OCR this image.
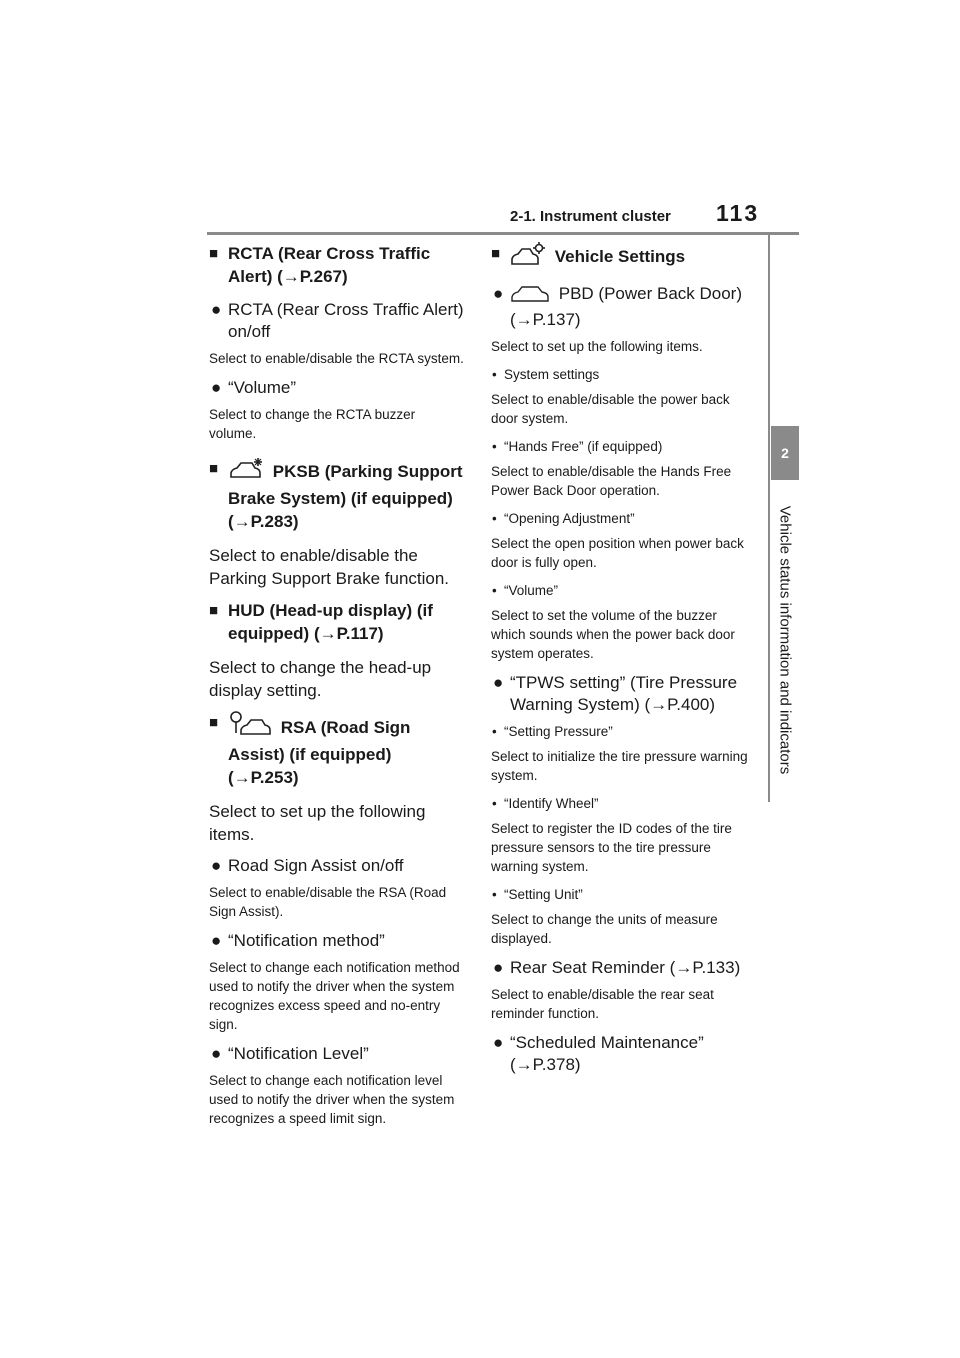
2-1. Instrument cluster 113
2
Vehicle status information and indicators
■ RCTA (Rear Cross Traffic Alert) (→P.267)
● RCTA (Rear Cross Traffic Alert) on/off
Select to enable/disable the RCTA system.
● “Volume”
Select to change the RCTA buzzer volume.
■	PKSB (Parking Support Brake System) (if equipped) (→P.283)
Select to enable/disable the Parking Support Brake function.
■ HUD (Head-up display) (if equipped) (→P.117)
Select to change the head-up display setting.
■	RSA (Road Sign Assist) (if equipped) (→P.253)
Select to set up the following items.
● Road Sign Assist on/off
Select to enable/disable the RSA (Road Sign Assist).
● “Notification method”
Select to change each notification method used to notify the driver when the system recognizes excess speed and no-entry sign.
● “Notification Level”
Select to change each notification level used to notify the driver when the system recognizes a speed limit sign.
■	Vehicle Settings
●	PBD (Power Back Door) (→P.137)
Select to set up the following items.
• System settings
Select to enable/disable the power back door system.
• “Hands Free” (if equipped)
Select to enable/disable the Hands Free Power Back Door operation.
• “Opening Adjustment”
Select the open position when power back door is fully open.
• “Volume”
Select to set the volume of the buzzer which sounds when the power back door system operates.
● “TPWS setting” (Tire Pressure Warning System) (→P.400)
• “Setting Pressure”
Select to initialize the tire pressure warning system.
• “Identify Wheel”
Select to register the ID codes of the tire pressure sensors to the tire pressure warning system.
• “Setting Unit”
Select to change the units of measure displayed.
● Rear Seat Reminder (→P.133)
Select to enable/disable the rear seat reminder function.
● “Scheduled Maintenance” (→P.378)
